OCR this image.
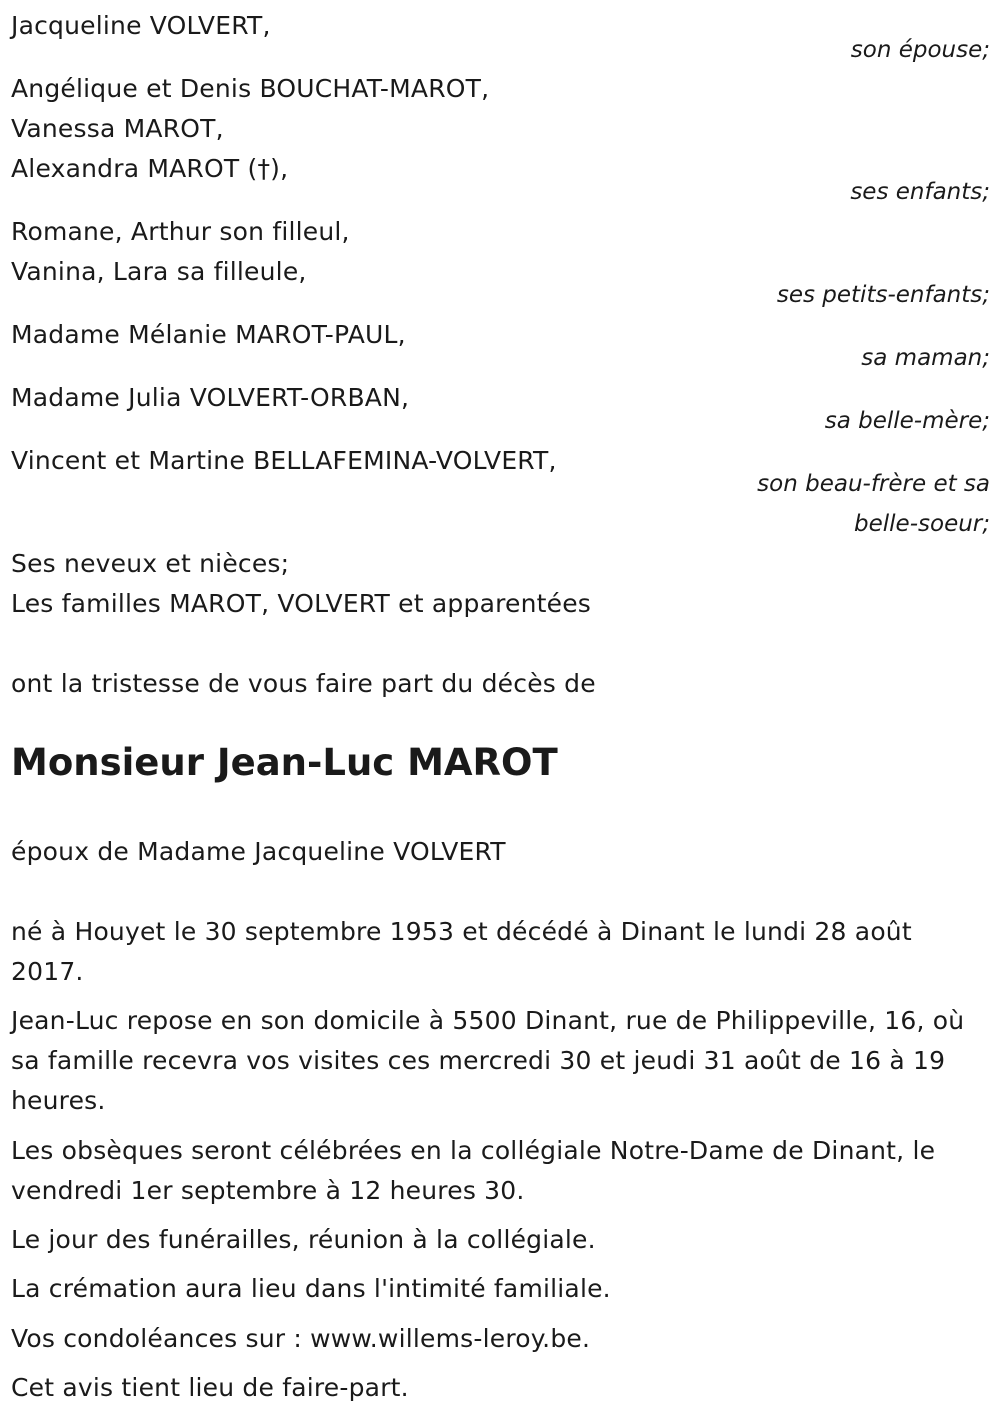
Jacqueline VOLVERT,
son épouse;
Angélique et Denis BOUCHAT-MAROT,
Vanessa MAROT,
Alexandra MAROT (†),
ses enfants;
Romane, Arthur son filleul,
Vanina, Lara sa filleule,
ses petits-enfants;
Madame Mélanie MAROT-PAUL,
sa maman;
Madame Julia VOLVERT-ORBAN,
sa belle-mère;
Vincent et Martine BELLAFEMINA-VOLVERT,
son beau-frère et sa
belle-soeur;
Ses neveux et nièces;
Les familles MAROT, VOLVERT et apparentées
ont la tristesse de vous faire part du décès de
Monsieur Jean-Luc MAROT
époux de Madame Jacqueline VOLVERT
né à Houyet le 30 septembre 1953 et décédé à Dinant le lundi 28 août 2017.
Jean-Luc repose en son domicile à 5500 Dinant, rue de Philippeville, 16, où sa famille recevra vos visites ces mercredi 30 et jeudi 31 août de 16 à 19 heures.
Les obsèques seront célébrées en la collégiale Notre-Dame de Dinant, le vendredi 1er septembre à 12 heures 30.
Le jour des funérailles, réunion à la collégiale.
La crémation aura lieu dans l'intimité familiale.
Vos condoléances sur : www.willems-leroy.be.
Cet avis tient lieu de faire-part.
